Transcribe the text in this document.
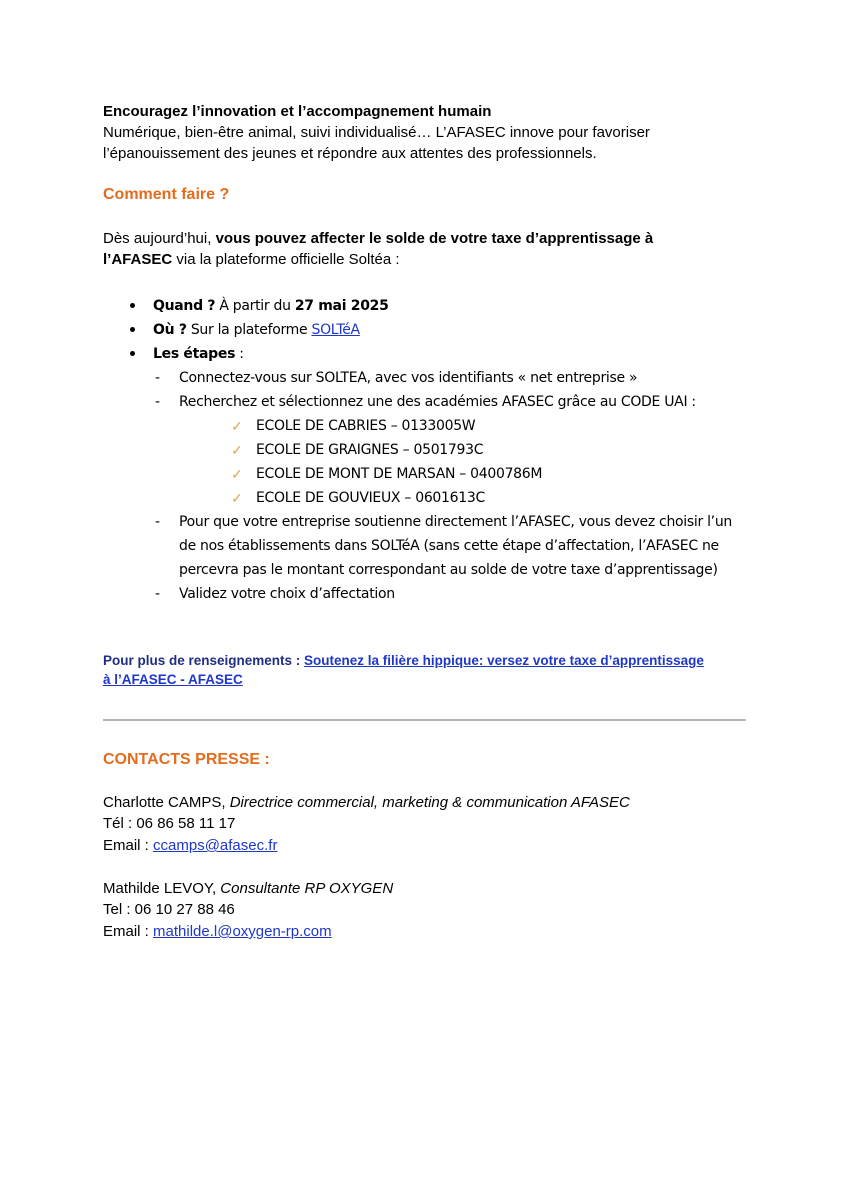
Encouragez l’innovation et l’accompagnement humain
Numérique, bien-être animal, suivi individualisé… L’AFASEC innove pour favoriser
l’épanouissement des jeunes et répondre aux attentes des professionnels.
Comment faire ?
Dès aujourd’hui, vous pouvez affecter le solde de votre taxe d’apprentissage à
l’AFASEC via la plateforme officielle Soltéa :
Quand ? À partir du 27 mai 2025
Où ? Sur la plateforme SOLTéA
Les étapes :
- Connectez-vous sur SOLTEA, avec vos identifiants « net entreprise »
- Recherchez et sélectionnez une des académies AFASEC grâce au CODE UAI :
✓ ECOLE DE CABRIES – 0133005W
✓ ECOLE DE GRAIGNES – 0501793C
✓ ECOLE DE MONT DE MARSAN – 0400786M
✓ ECOLE DE GOUVIEUX – 0601613C
- Pour que votre entreprise soutienne directement l’AFASEC, vous devez choisir l’un
de nos établissements dans SOLTéA (sans cette étape d’affectation, l’AFASEC ne
percevra pas le montant correspondant au solde de votre taxe d’apprentissage)
- Validez votre choix d’affectation
Pour plus de renseignements : Soutenez la filière hippique: versez votre taxe d’apprentissage
à l’AFASEC - AFASEC
CONTACTS PRESSE :
Charlotte CAMPS, Directrice commercial, marketing & communication AFASEC
Tél : 06 86 58 11 17
Email : ccamps@afasec.fr
Mathilde LEVOY, Consultante RP OXYGEN
Tel : 06 10 27 88 46
Email : mathilde.l@oxygen-rp.com
